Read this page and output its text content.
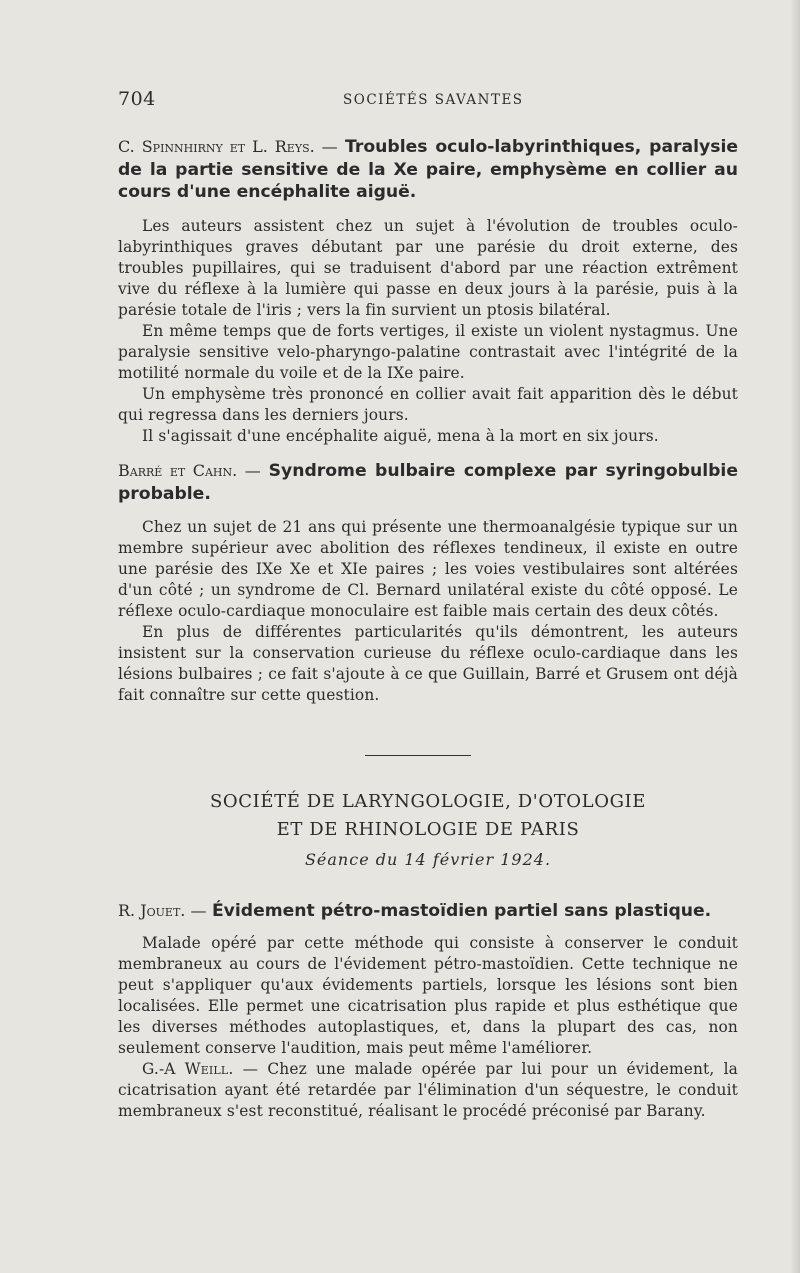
704	SOCIÉTÉS SAVANTES

C. Spinnhirny et L. Reys. — Troubles oculo-labyrinthiques, paralysie de la partie sensitive de la Xe paire, emphysème en collier au cours d'une encéphalite aiguë.

Les auteurs assistent chez un sujet à l'évolution de troubles oculo-labyrinthiques graves débutant par une parésie du droit externe, des troubles pupillaires, qui se traduisent d'abord par une réaction extrêment vive du réflexe à la lumière qui passe en deux jours à la parésie, puis à la parésie totale de l'iris ; vers la fin survient un ptosis bilatéral.

En même temps que de forts vertiges, il existe un violent nystagmus. Une paralysie sensitive velo-pharyngo-palatine contrastait avec l'intégrité de la motilité normale du voile et de la IXe paire.

Un emphysème très prononcé en collier avait fait apparition dès le début qui regressa dans les derniers jours.

Il s'agissait d'une encéphalite aiguë, mena à la mort en six jours.

Barré et Cahn. — Syndrome bulbaire complexe par syringobulbie probable.

Chez un sujet de 21 ans qui présente une thermoanalgésie typique sur un membre supérieur avec abolition des réflexes tendineux, il existe en outre une parésie des IXe Xe et XIe paires ; les voies vestibulaires sont altérées d'un côté ; un syndrome de Cl. Bernard unilatéral existe du côté opposé. Le réflexe oculo-cardiaque monoculaire est faible mais certain des deux côtés.

En plus de différentes particularités qu'ils démontrent, les auteurs insistent sur la conservation curieuse du réflexe oculo-cardiaque dans les lésions bulbaires ; ce fait s'ajoute à ce que Guillain, Barré et Grusem ont déjà fait connaître sur cette question.

SOCIÉTÉ DE LARYNGOLOGIE, D'OTOLOGIE
ET DE RHINOLOGIE DE PARIS
Séance du 14 février 1924.

R. Jouet. — Évidement pétro-mastoïdien partiel sans plastique.

Malade opéré par cette méthode qui consiste à conserver le conduit membraneux au cours de l'évidement pétro-mastoïdien. Cette technique ne peut s'appliquer qu'aux évidements partiels, lorsque les lésions sont bien localisées. Elle permet une cicatrisation plus rapide et plus esthétique que les diverses méthodes autoplastiques, et, dans la plupart des cas, non seulement conserve l'audition, mais peut même l'améliorer.

G.-A Weill. — Chez une malade opérée par lui pour un évidement, la cicatrisation ayant été retardée par l'élimination d'un séquestre, le conduit membraneux s'est reconstitué, réalisant le procédé préconisé par Barany.
